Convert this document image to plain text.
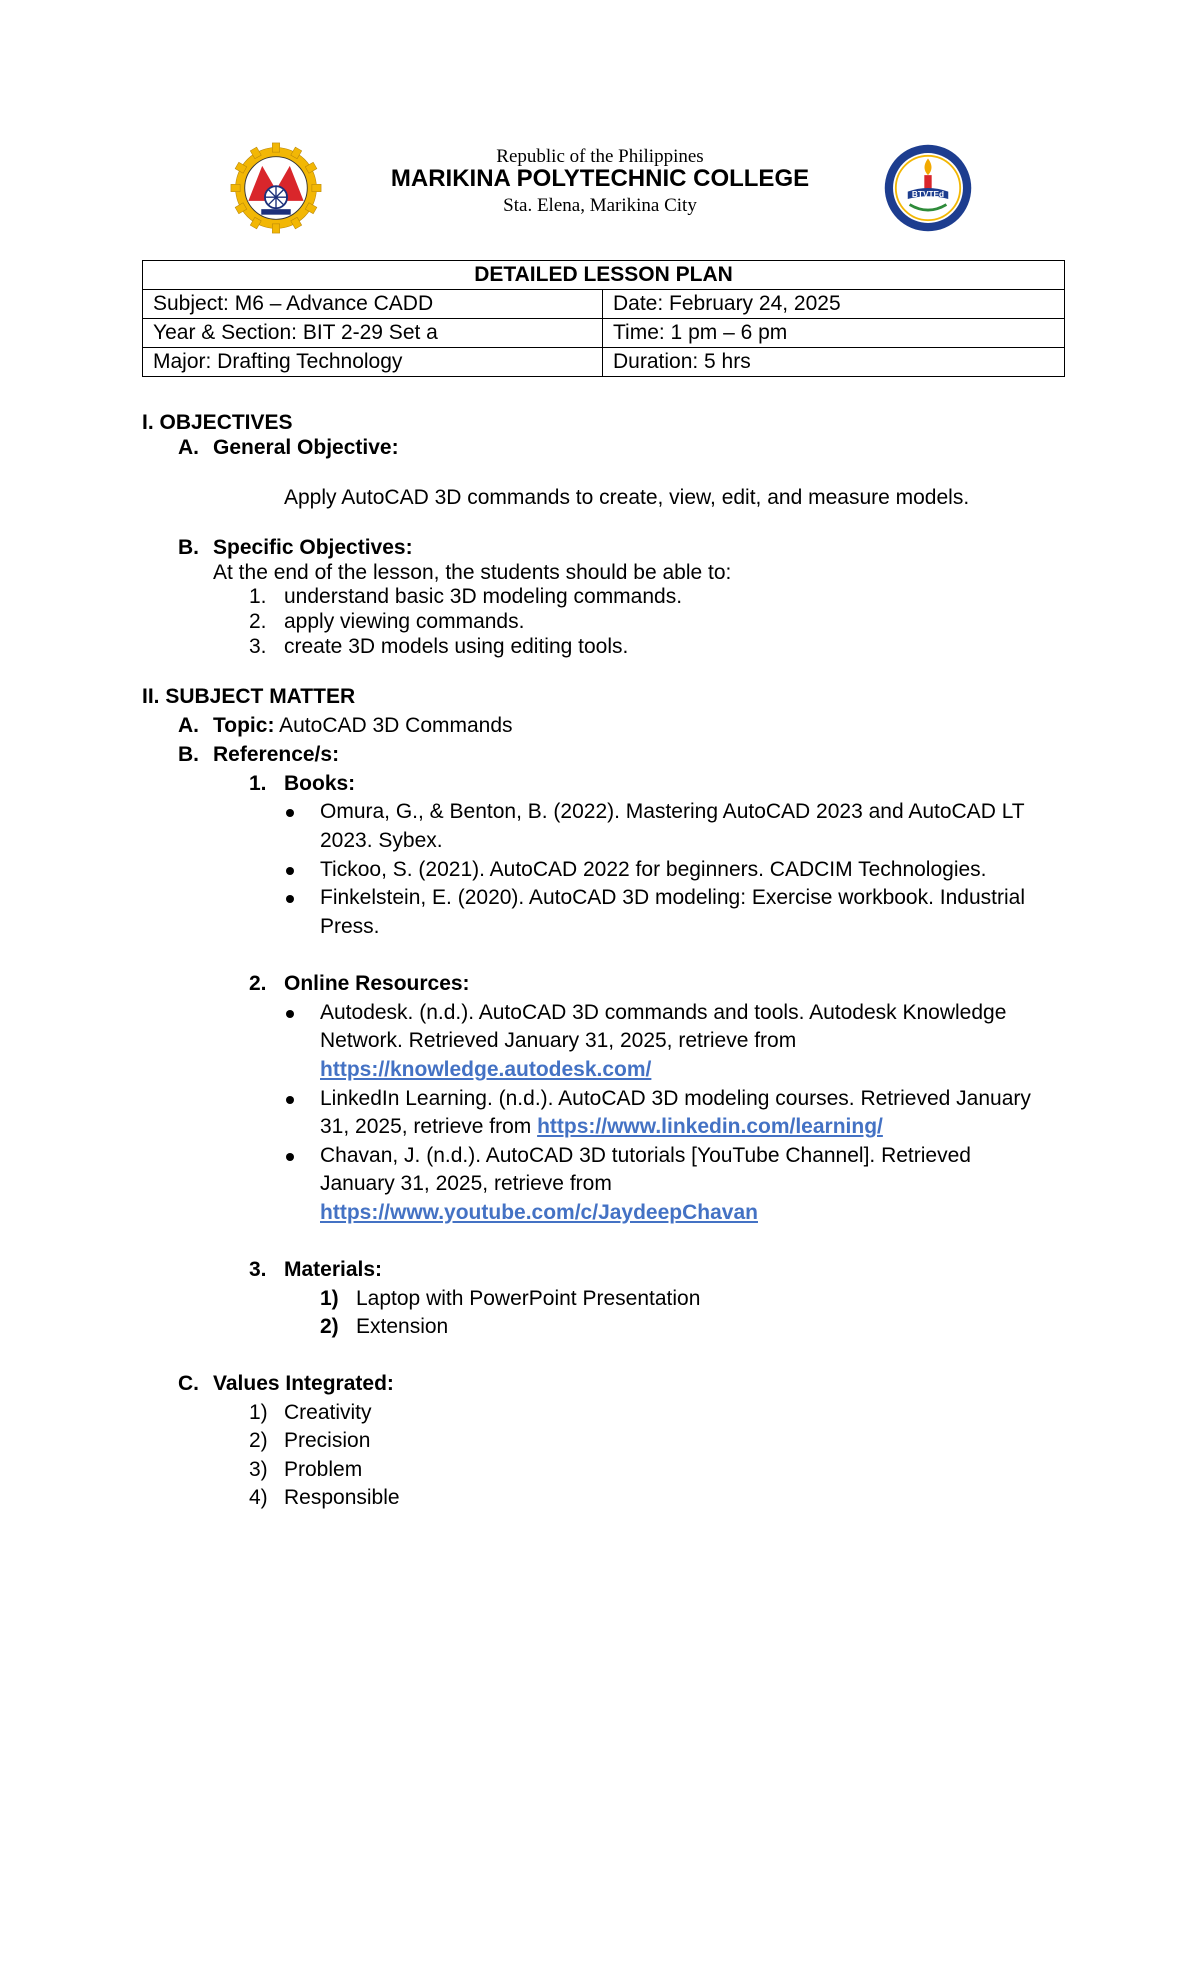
Republic of the Philippines
MARIKINA POLYTECHNIC COLLEGE
Sta. Elena, Marikina City
BTVTEd
DETAILED LESSON PLAN	
Subject: M6 – Advance CADD	Date: February 24, 2025
Year & Section: BIT 2-29 Set a	Time: 1 pm – 6 pm
Major: Drafting Technology	Duration: 5 hrs
I. OBJECTIVES
A. General Objective:
Apply AutoCAD 3D commands to create, view, edit, and measure models.
B. Specific Objectives:
At the end of the lesson, the students should be able to:
1. understand basic 3D modeling commands.
2. apply viewing commands.
3. create 3D models using editing tools.
II. SUBJECT MATTER
A. Topic: AutoCAD 3D Commands
B. Reference/s:
1. Books:
Omura, G., & Benton, B. (2022). Mastering AutoCAD 2023 and AutoCAD LT
2023. Sybex.
Tickoo, S. (2021). AutoCAD 2022 for beginners. CADCIM Technologies.
Finkelstein, E. (2020). AutoCAD 3D modeling: Exercise workbook. Industrial
Press.
2. Online Resources:
Autodesk. (n.d.). AutoCAD 3D commands and tools. Autodesk Knowledge
Network. Retrieved January 31, 2025, retrieve from
https://knowledge.autodesk.com/
LinkedIn Learning. (n.d.). AutoCAD 3D modeling courses. Retrieved January
31, 2025, retrieve from https://www.linkedin.com/learning/
Chavan, J. (n.d.). AutoCAD 3D tutorials [YouTube Channel]. Retrieved
January 31, 2025, retrieve from
https://www.youtube.com/c/JaydeepChavan
3. Materials:
1) Laptop with PowerPoint Presentation
2) Extension
C. Values Integrated:
1) Creativity
2) Precision
3) Problem
4) Responsible
